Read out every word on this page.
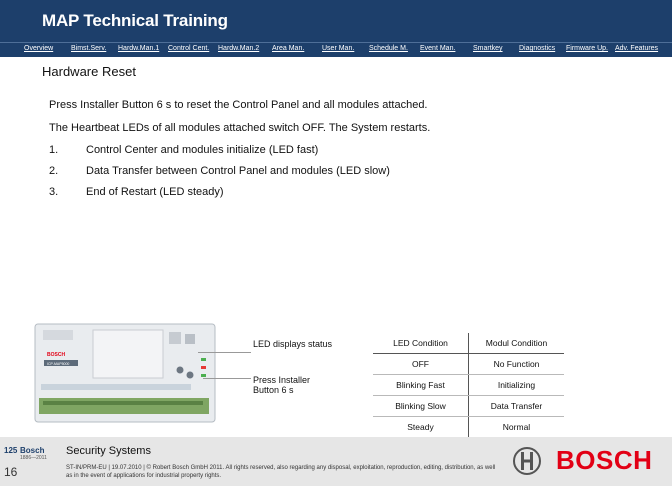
MAP Technical Training
Overview	Bimst.Serv. Hardw.Man.1 Control Cent. Hardw.Man.2 Area Man.	User Man. Schedule M. Event Man.	Smartkey Diagnostics Firmware Up. Adv. Features
Hardware Reset
Press Installer Button 6 s to reset the Control Panel and all modules attached.
The Heartbeat LEDs of all modules attached switch OFF. The System restarts.
1.	Control Center and modules initialize (LED fast)
2.	Data Transfer between Control Panel and modules (LED slow)
3.	End of Restart (LED steady)
BOSCH
ICP-MAP5000
LED displays status
Press Installer Button 6 s
LED Condition	Modul Condition
OFF	No Function
Blinking Fast	Initializing
Blinking Slow	Data Transfer
Steady	Normal
Security Systems
ST-IN/PRM-EU | 19.07.2010 | © Robert Bosch GmbH 2011. All rights reserved, also regarding any disposal, exploitation, reproduction, editing, distribution, as well as in the event of applications for industrial property rights.
16
125 Bosch
1886—2011	BOSCH
